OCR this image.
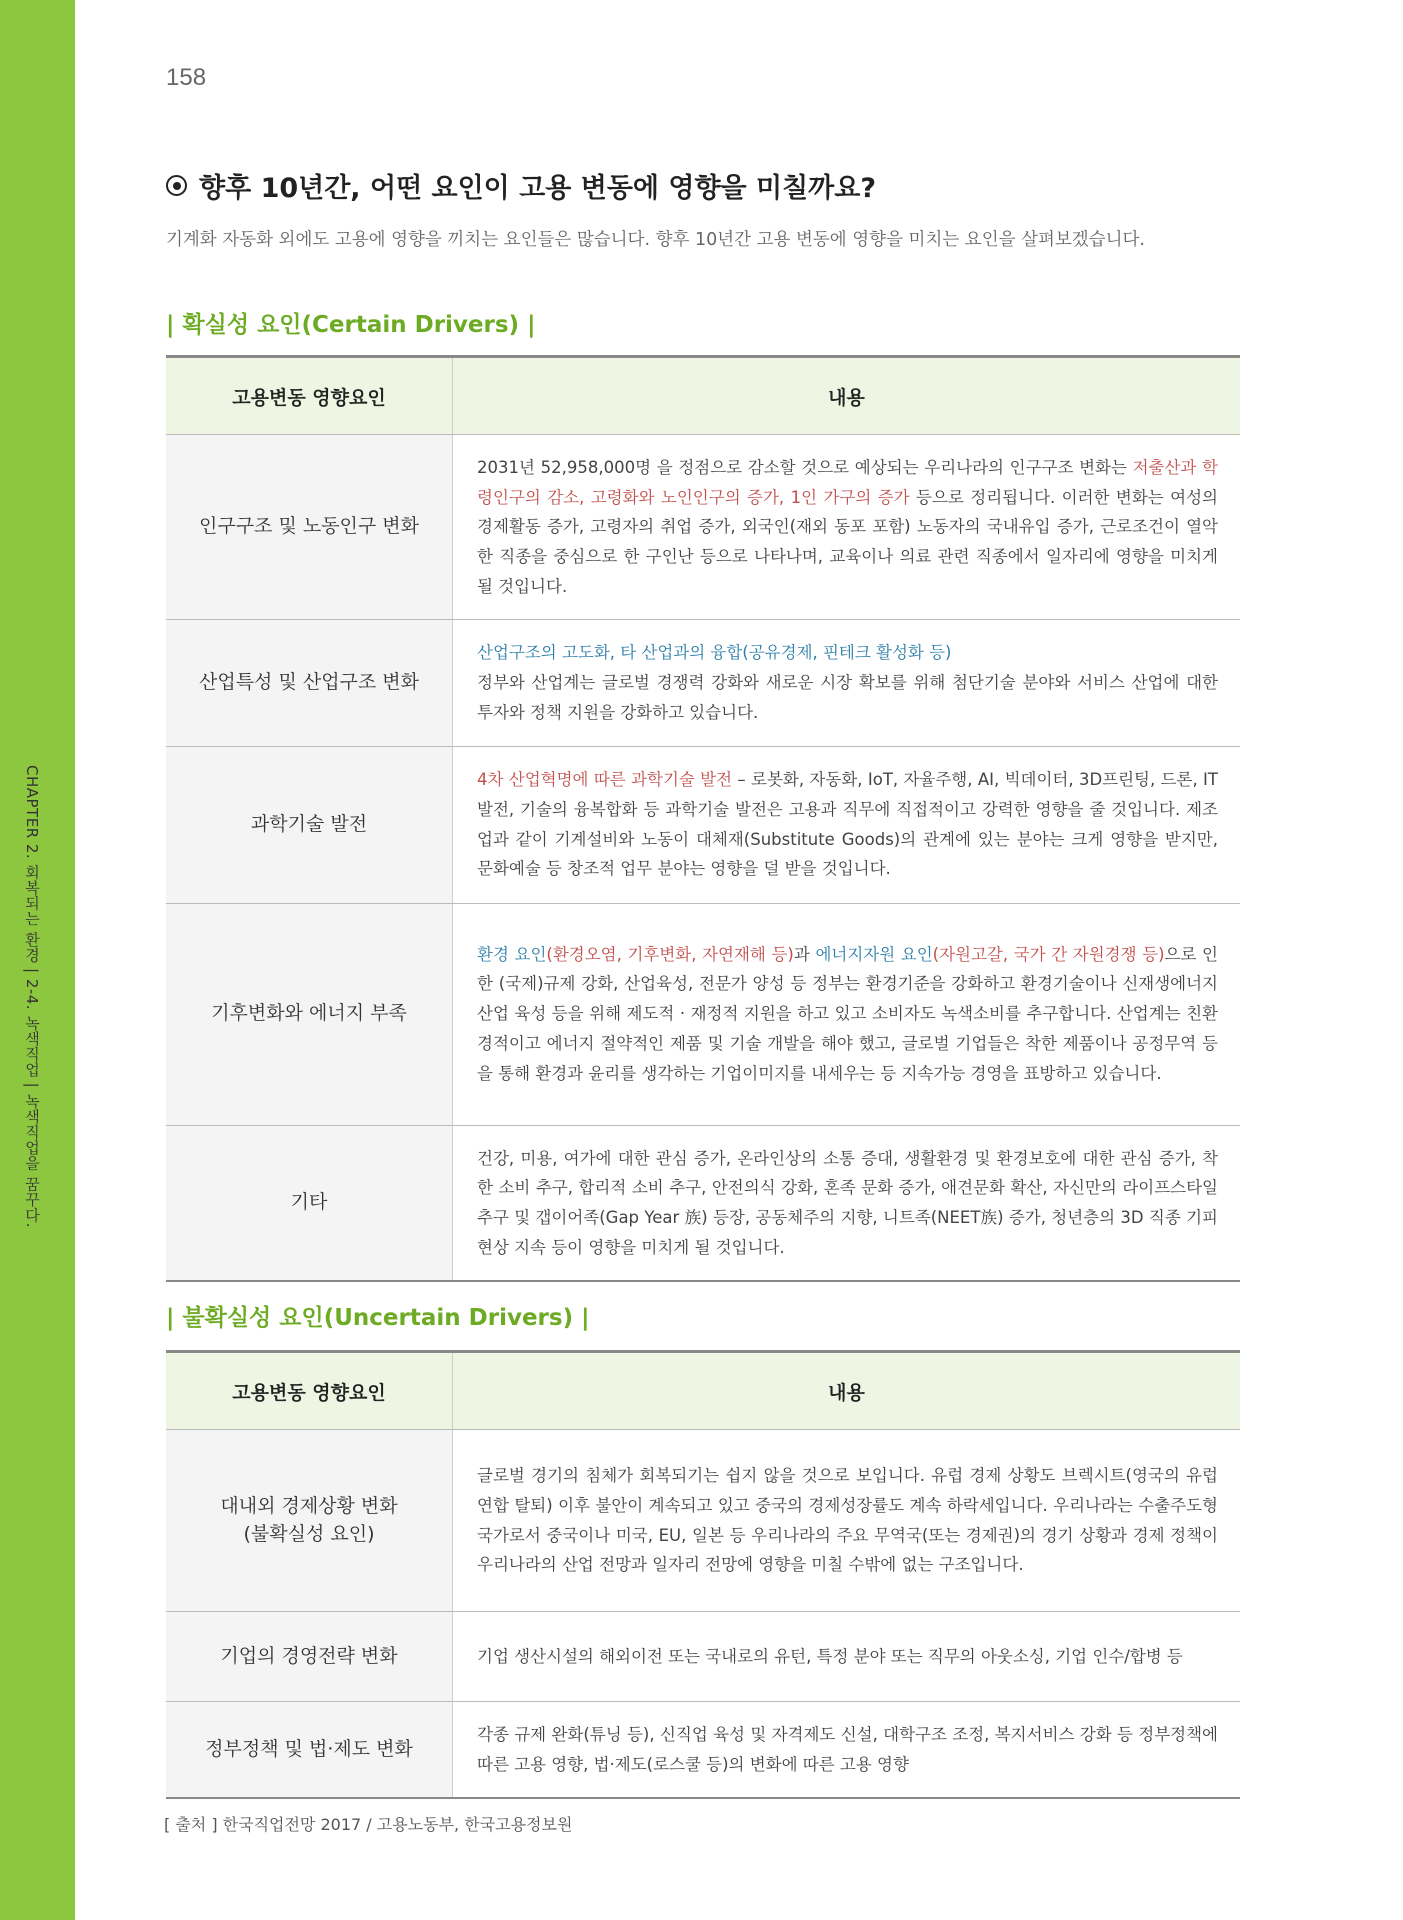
CHAPTER 2. 회복되는 환경 | 2-4. 녹색직업 | 녹색직업을 꿈꾸다.
158
향후 10년간, 어떤 요인이 고용 변동에 영향을 미칠까요?
기계화 자동화 외에도 고용에 영향을 끼치는 요인들은 많습니다. 향후 10년간 고용 변동에 영향을 미치는 요인을 살펴보겠습니다.
| 확실성 요인(Certain Drivers) |
고용변동 영향요인	내용
인구구조 및 노동인구 변화	2031년 52,958,000명 을 정점으로 감소할 것으로 예상되는 우리나라의 인구구조 변화는 저출산과 학령인구의 감소, 고령화와 노인인구의 증가, 1인 가구의 증가 등으로 정리됩니다. 이러한 변화는 여성의 경제활동 증가, 고령자의 취업 증가, 외국인(재외 동포 포함) 노동자의 국내유입 증가, 근로조건이 열악한 직종을 중심으로 한 구인난 등으로 나타나며, 교육이나 의료 관련 직종에서 일자리에 영향을 미치게 될 것입니다.
산업특성 및 산업구조 변화	산업구조의 고도화, 타 산업과의 융합(공유경제, 핀테크 활성화 등)
정부와 산업계는 글로벌 경쟁력 강화와 새로운 시장 확보를 위해 첨단기술 분야와 서비스 산업에 대한 투자와 정책 지원을 강화하고 있습니다.
과학기술 발전	4차 산업혁명에 따른 과학기술 발전 – 로봇화, 자동화, IoT, 자율주행, AI, 빅데이터, 3D프린팅, 드론, IT 발전, 기술의 융복합화 등 과학기술 발전은 고용과 직무에 직접적이고 강력한 영향을 줄 것입니다. 제조업과 같이 기계설비와 노동이 대체재(Substitute Goods)의 관계에 있는 분야는 크게 영향을 받지만, 문화예술 등 창조적 업무 분야는 영향을 덜 받을 것입니다.
기후변화와 에너지 부족	환경 요인(환경오염, 기후변화, 자연재해 등)과 에너지자원 요인(자원고갈, 국가 간 자원경쟁 등)으로 인한 (국제)규제 강화, 산업육성, 전문가 양성 등 정부는 환경기준을 강화하고 환경기술이나 신재생에너지 산업 육성 등을 위해 제도적 · 재정적 지원을 하고 있고 소비자도 녹색소비를 추구합니다. 산업계는 친환경적이고 에너지 절약적인 제품 및 기술 개발을 해야 했고, 글로벌 기업들은 착한 제품이나 공정무역 등을 통해 환경과 윤리를 생각하는 기업이미지를 내세우는 등 지속가능 경영을 표방하고 있습니다.
기타	건강, 미용, 여가에 대한 관심 증가, 온라인상의 소통 증대, 생활환경 및 환경보호에 대한 관심 증가, 착한 소비 추구, 합리적 소비 추구, 안전의식 강화, 혼족 문화 증가, 애견문화 확산, 자신만의 라이프스타일 추구 및 갭이어족(Gap Year 族) 등장, 공동체주의 지향, 니트족(NEET族) 증가, 청년층의 3D 직종 기피 현상 지속 등이 영향을 미치게 될 것입니다.
| 불확실성 요인(Uncertain Drivers) |
고용변동 영향요인	내용
대내외 경제상황 변화
(불확실성 요인)	글로벌 경기의 침체가 회복되기는 쉽지 않을 것으로 보입니다. 유럽 경제 상황도 브렉시트(영국의 유럽연합 탈퇴) 이후 불안이 계속되고 있고 중국의 경제성장률도 계속 하락세입니다. 우리나라는 수출주도형 국가로서 중국이나 미국, EU, 일본 등 우리나라의 주요 무역국(또는 경제권)의 경기 상황과 경제 정책이 우리나라의 산업 전망과 일자리 전망에 영향을 미칠 수밖에 없는 구조입니다.
기업의 경영전략 변화	기업 생산시설의 해외이전 또는 국내로의 유턴, 특정 분야 또는 직무의 아웃소싱, 기업 인수/합병 등
정부정책 및 법·제도 변화	각종 규제 완화(튜닝 등), 신직업 육성 및 자격제도 신설, 대학구조 조정, 복지서비스 강화 등 정부정책에 따른 고용 영향, 법·제도(로스쿨 등)의 변화에 따른 고용 영향
[ 출처 ] 한국직업전망 2017 / 고용노동부, 한국고용정보원
